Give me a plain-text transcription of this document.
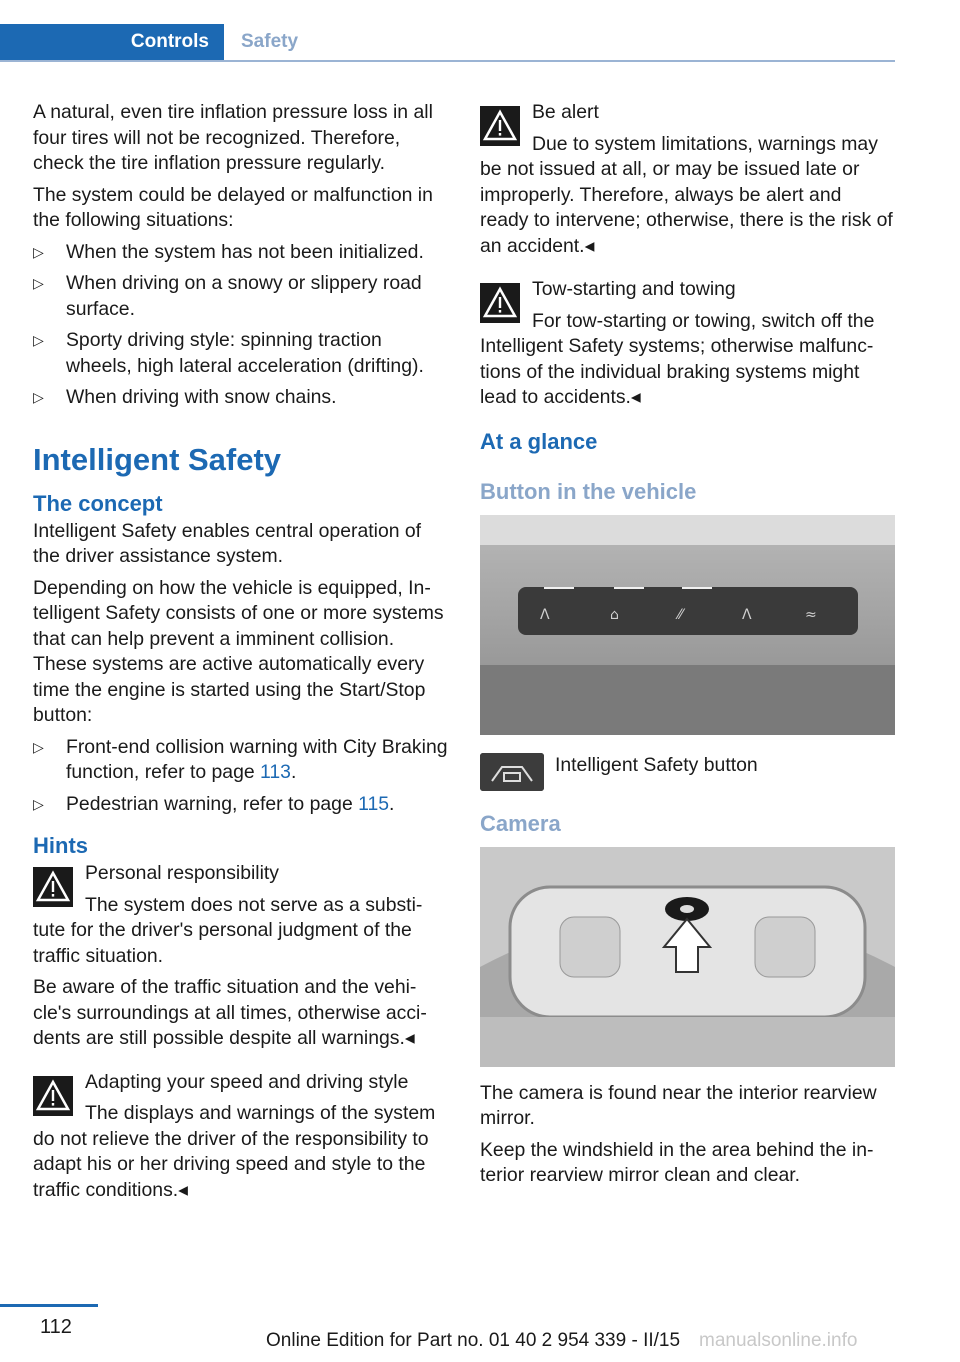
Controls	Safety

A natural, even tire inflation pressure loss in all four tires will not be recognized. Therefore, check the tire inflation pressure regularly.

The system could be delayed or malfunction in the following situations:

▷ When the system has not been initialized.
▷ When driving on a snowy or slippery road surface.
▷ Sporty driving style: spinning traction wheels, high lateral acceleration (drifting).
▷ When driving with snow chains.
Intelligent Safety
The concept

Intelligent Safety enables central operation of the driver assistance system.

Depending on how the vehicle is equipped, Intelligent Safety consists of one or more systems that can help prevent a imminent collision. These systems are active automatically every time the engine is started using the Start/Stop button:

▷ Front-end collision warning with City Braking function, refer to page 113.
▷ Pedestrian warning, refer to page 115.
Hints
Personal responsibility
The system does not serve as a substitute for the driver's personal judgment of the traffic situation.

Be aware of the traffic situation and the vehicle's surroundings at all times, otherwise accidents are still possible despite all warnings.◂

Adapting your speed and driving style
The displays and warnings of the system do not relieve the driver of the responsibility to adapt his or her driving speed and style to the traffic conditions.◂
Be alert
Due to system limitations, warnings may be not issued at all, or may be issued late or improperly. Therefore, always be alert and ready to intervene; otherwise, there is the risk of an accident.◂
Tow-starting and towing
For tow-starting or towing, switch off the Intelligent Safety systems; otherwise malfunctions of the individual braking systems might lead to accidents.◂
At a glance
Button in the vehicle
ᐱ	⌂	⁄⁄	ᐱ	≈
Intelligent Safety button
Camera

The camera is found near the interior rearview mirror.

Keep the windshield in the area behind the interior rearview mirror clean and clear.

112
Online Edition for Part no. 01 40 2 954 339 - II/15 manualsonline.info
